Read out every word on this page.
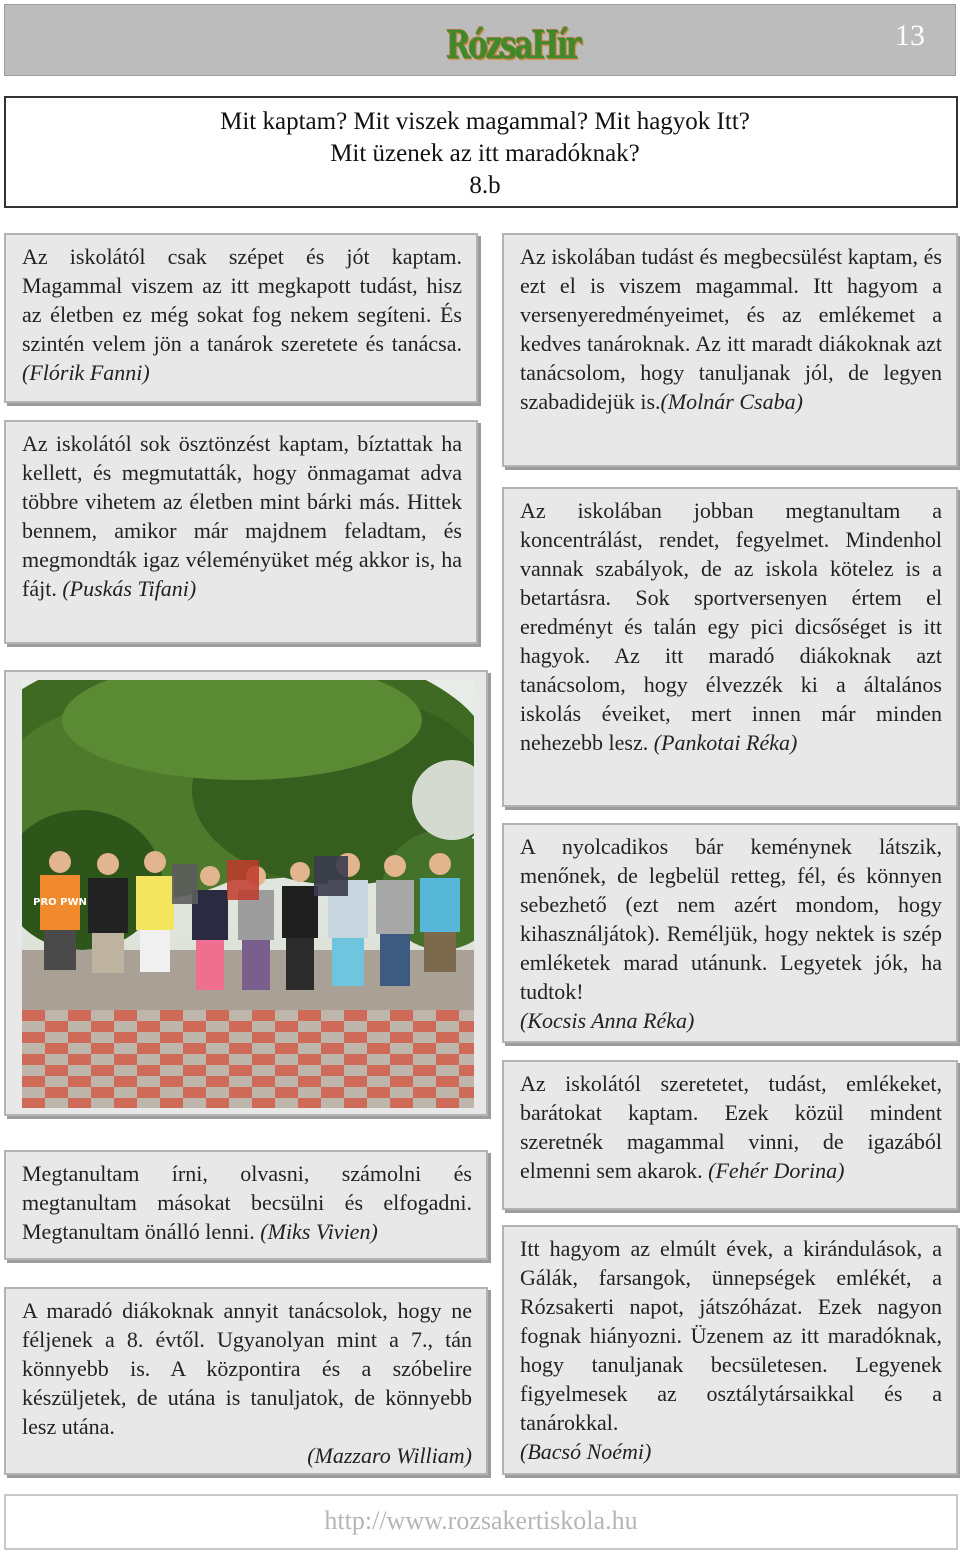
RózsaHír	13
Mit kaptam? Mit viszek magammal? Mit hagyok Itt?
Mit üzenek az itt maradóknak?
8.b

Az iskolától csak szépet és jót kaptam. Magammal viszem az itt megkapott tudást, hisz az életben ez még sokat fog nekem segíteni. És szintén velem jön a tanárok szeretete és tanácsa. (Flórik Fanni)

Az iskolától sok ösztönzést kaptam, bíztattak ha kellett, és megmutatták, hogy önmagamat adva többre vihetem az életben mint bárki más. Hittek bennem, amikor már majdnem feladtam, és megmondták igaz véleményüket még akkor is, ha fájt. (Puskás Tifani)

PRO PWN

Megtanultam írni, olvasni, számolni és megtanultam másokat becsülni és elfogadni. Megtanultam önálló lenni. (Miks Vivien)

A maradó diákoknak annyit tanácsolok, hogy ne féljenek a 8. évtől. Ugyanolyan mint a 7., tán könnyebb is. A központira és a szóbelire készüljetek, de utána is tanuljatok, de könnyebb lesz utána.

(Mazzaro William)

Az iskolában tudást és megbecsülést kaptam, és ezt el is viszem magammal. Itt hagyom a versenyeredményeimet, és az emlékemet a kedves tanároknak. Az itt maradt diákoknak azt tanácsolom, hogy tanuljanak jól, de legyen szabadidejük is.(Molnár Csaba)

Az iskolában jobban megtanultam a koncentrálást, rendet, fegyelmet. Mindenhol vannak szabályok, de az iskola kötelez is a betartásra. Sok sportversenyen értem el eredményt és talán egy pici dicsőséget is itt hagyok. Az itt maradó diákoknak azt tanácsolom, hogy élvezzék ki a általános iskolás éveiket, mert innen már minden nehezebb lesz. (Pankotai Réka)

A nyolcadikos bár keménynek látszik, menőnek, de legbelül retteg, fél, és könnyen sebezhető (ezt nem azért mondom, hogy kihasználjátok). Reméljük, hogy nektek is szép emléketek marad utánunk. Legyetek jók, ha tudtok!

(Kocsis Anna Réka)

Az iskolától szeretetet, tudást, emlékeket, barátokat kaptam. Ezek közül mindent szeretnék magammal vinni, de igazából elmenni sem akarok. (Fehér Dorina)

Itt hagyom az elmúlt évek, a kirándulások, a Gálák, farsangok, ünnepségek emlékét, a Rózsakerti napot, játszóházat. Ezek nagyon fognak hiányozni. Üzenem az itt maradóknak, hogy tanuljanak becsületesen. Legyenek figyelmesek az osztálytársaikkal és a tanárokkal.

(Bacsó Noémi)

http://www.rozsakertiskola.hu
